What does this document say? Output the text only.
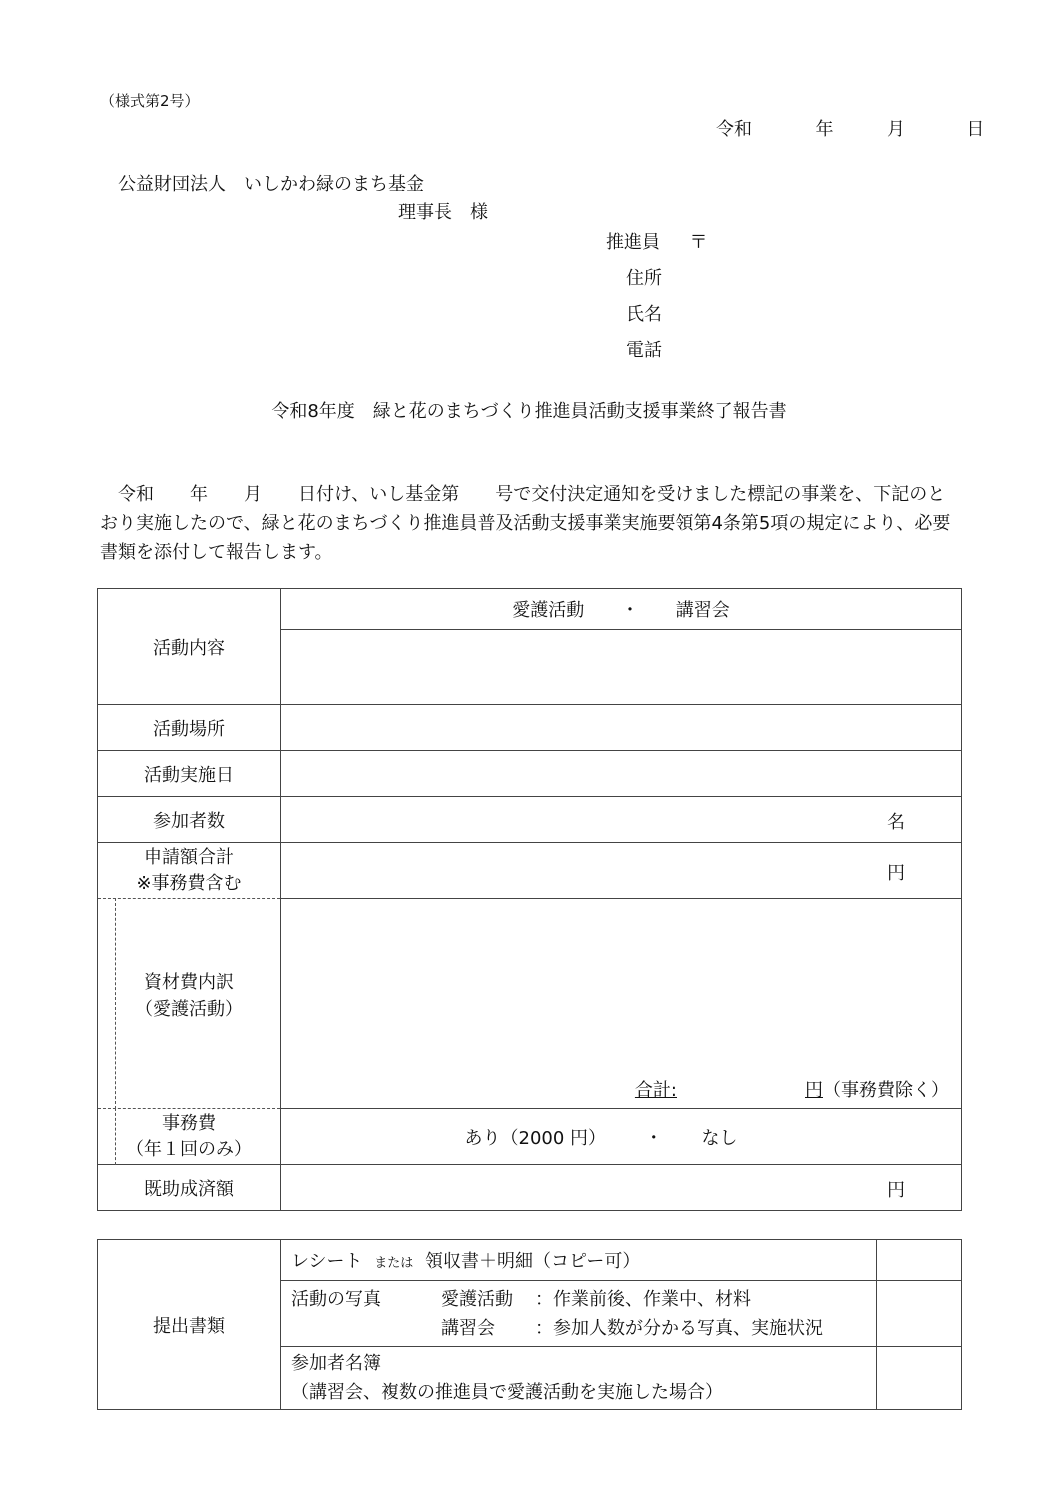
（様式第2号）
令和	年	月	日
公益財団法人　いしかわ緑のまち基金
理事長　様
推進員 〒
住所
氏名
電話
令和8年度　緑と花のまちづくり推進員活動支援事業終了報告書
令和　　年　　月　　日付け、いし基金第　　号で交付決定通知を受けました標記の事業を、下記のとおり実施したので、緑と花のまちづくり推進員普及活動支援事業実施要領第4条第5項の規定により、必要書類を添付して報告します。
活動内容	愛護活動 ・ 講習会

活動場所	
活動実施日	
参加者数	名

申請額合計
※事務費含む	円

資材費内訳
（愛護活動）	合計: 円（事務費除く）

事務費
（年１回のみ）	あり（2000 円） ・ なし
既助成済額	円
提出書類	レシート または 領収書＋明細（コピー可）	

	活動の写真 愛護活動 ：作業前後、作業中、材料
講習会 ：参加人数が分かる写真、実施状況	

	参加者名簿
（講習会、複数の推進員で愛護活動を実施した場合）	
